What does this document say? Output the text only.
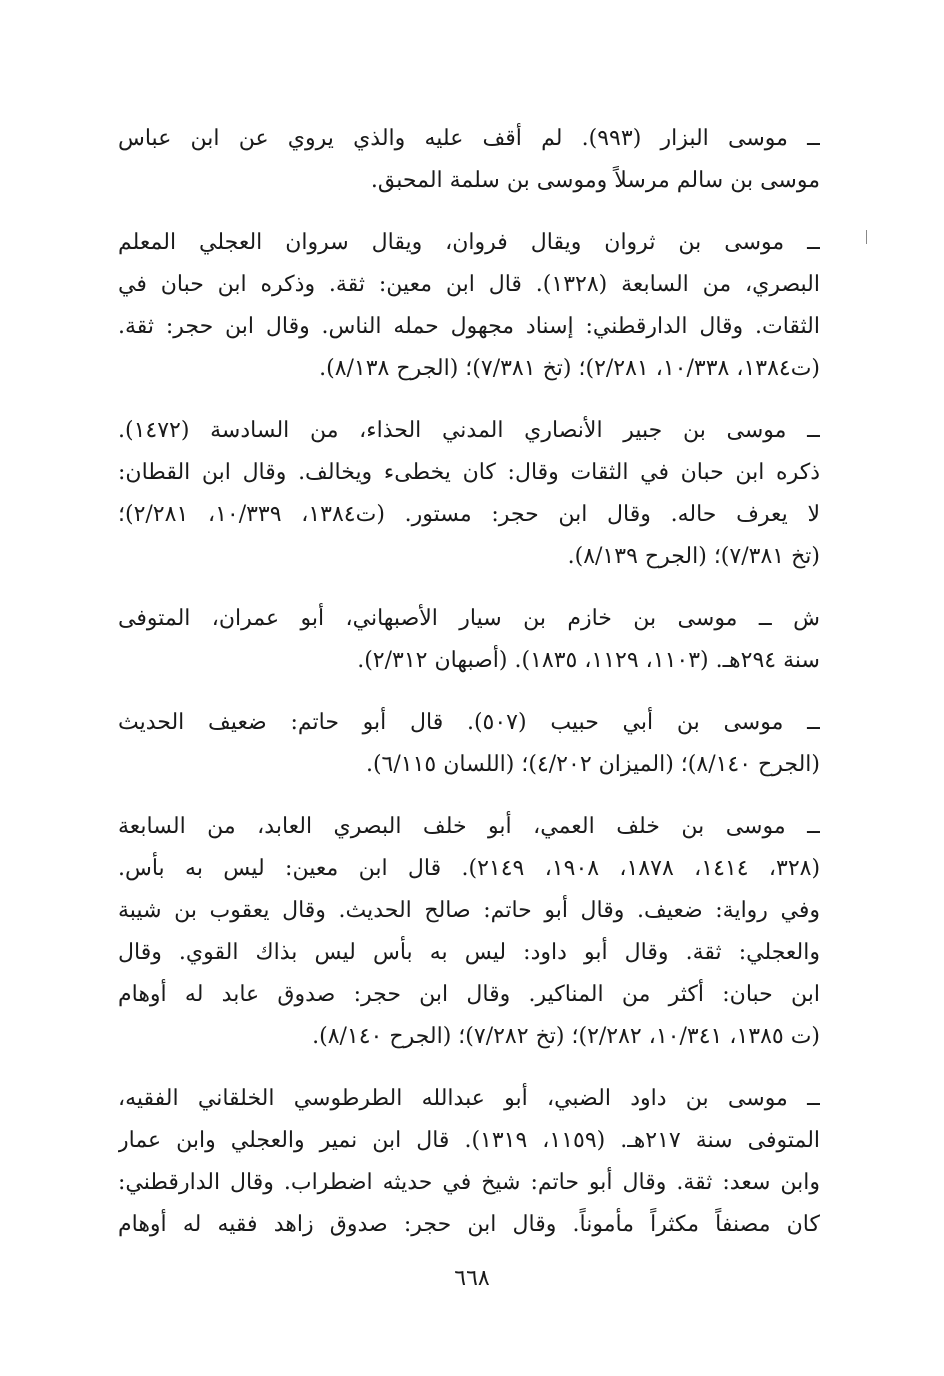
ــ موسى البزار (٩٩٣). لم أقف عليه والذي يروي عن ابن عباس
موسى بن سالم مرسلاً وموسى بن سلمة المحبق.
ــ موسى بن ثروان ويقال فروان، ويقال سروان العجلي المعلم
البصري، من السابعة (١٣٢٨). قال ابن معين: ثقة. وذكره ابن حبان في
الثقات. وقال الدارقطني: إسناد مجهول حمله الناس. وقال ابن حجر: ثقة.
(ت١٣٨٤، ١٠/٣٣٨، ٢/٢٨١)؛ (تخ ٧/٣٨١)؛ (الجرح ٨/١٣٨).
ــ موسى بن جبير الأنصاري المدني الحذاء، من السادسة (١٤٧٢).
ذكره ابن حبان في الثقات وقال: كان يخطىء ويخالف. وقال ابن القطان:
لا يعرف حاله. وقال ابن حجر: مستور. (ت١٣٨٤، ١٠/٣٣٩، ٢/٢٨١)؛
(تخ ٧/٣٨١)؛ (الجرح ٨/١٣٩).
ش ــ موسى بن خازم بن سيار الأصبهاني، أبو عمران، المتوفى
سنة ٢٩٤هـ. (١١٠٣، ١١٢٩، ١٨٣٥). (أصبهان ٢/٣١٢).
ــ موسى بن أبي حبيب (٥٠٧). قال أبو حاتم: ضعيف الحديث
(الجرح ٨/١٤٠)؛ (الميزان ٤/٢٠٢)؛ (اللسان ٦/١١٥).
ــ موسى بن خلف العمي، أبو خلف البصري العابد، من السابعة
(٣٢٨، ١٤١٤، ١٨٧٨، ١٩٠٨، ٢١٤٩). قال ابن معين: ليس به بأس.
وفي رواية: ضعيف. وقال أبو حاتم: صالح الحديث. وقال يعقوب بن شيبة
والعجلي: ثقة. وقال أبو داود: ليس به بأس ليس بذاك القوي. وقال
ابن حبان: أكثر من المناكير. وقال ابن حجر: صدوق عابد له أوهام
(ت ١٣٨٥، ١٠/٣٤١، ٢/٢٨٢)؛ (تخ ٧/٢٨٢)؛ (الجرح ٨/١٤٠).
ــ موسى بن داود الضبي، أبو عبدالله الطرطوسي الخلقاني الفقيه،
المتوفى سنة ٢١٧هـ. (١١٥٩، ١٣١٩). قال ابن نمير والعجلي وابن عمار
وابن سعد: ثقة. وقال أبو حاتم: شيخ في حديثه اضطراب. وقال الدارقطني:
كان مصنفاً مكثراً مأموناً. وقال ابن حجر: صدوق زاهد فقيه له أوهام
٦٦٨
